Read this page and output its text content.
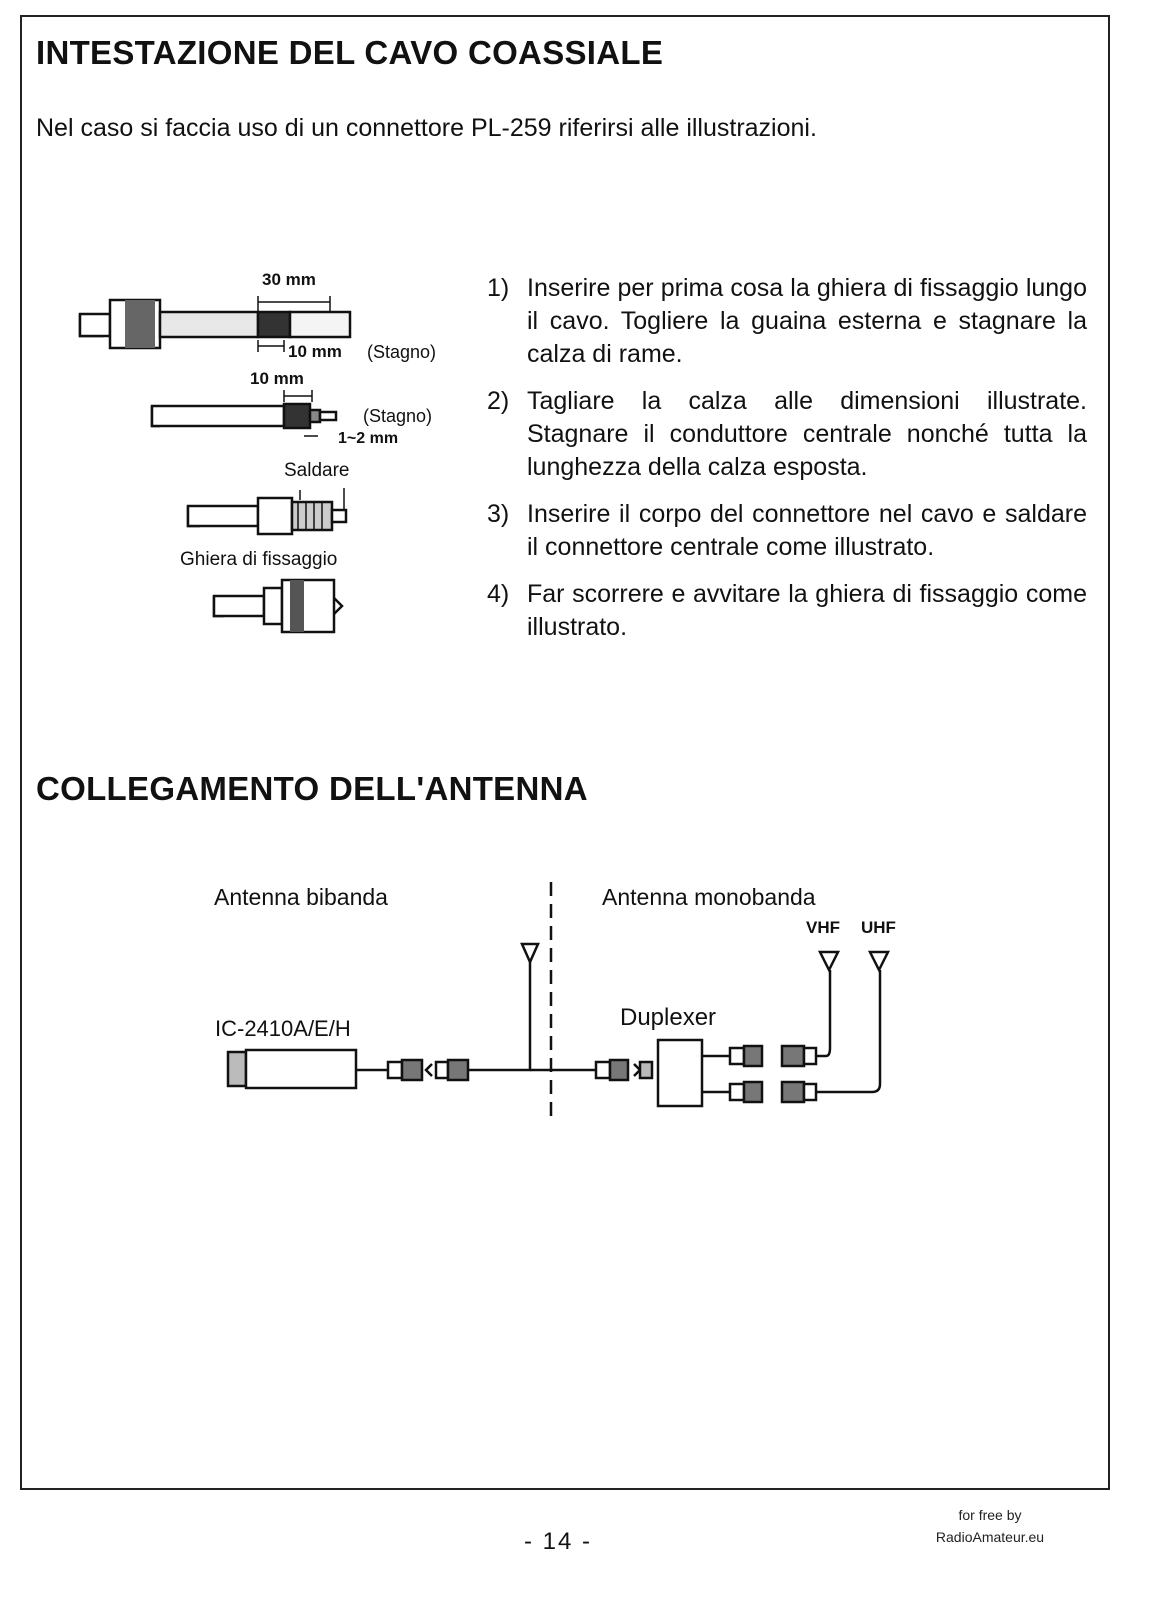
INTESTAZIONE DEL CAVO COASSIALE
Nel caso si faccia uso di un connettore PL-259 riferirsi alle illustrazioni.
30 mm
10 mm (Stagno)
10 mm
(Stagno)
1~2 mm
Saldare
Ghiera di fissaggio
1) Inserire per prima cosa la ghiera di fissaggio lungo il cavo. Togliere la guaina esterna e stagnare la calza di rame.
2) Tagliare la calza alle dimensioni illustrate. Stagnare il conduttore centrale nonché tutta la lunghezza della calza esposta.
3) Inserire il corpo del connettore nel cavo e saldare il connettore centrale come illustrato.
4) Far scorrere e avvitare la ghiera di fissaggio come illustrato.
COLLEGAMENTO DELL'ANTENNA
Antenna bibanda	Antenna monobanda
VHF UHF
IC-2410A/E/H	Duplexer
- 14 -
for free by
RadioAmateur.eu
